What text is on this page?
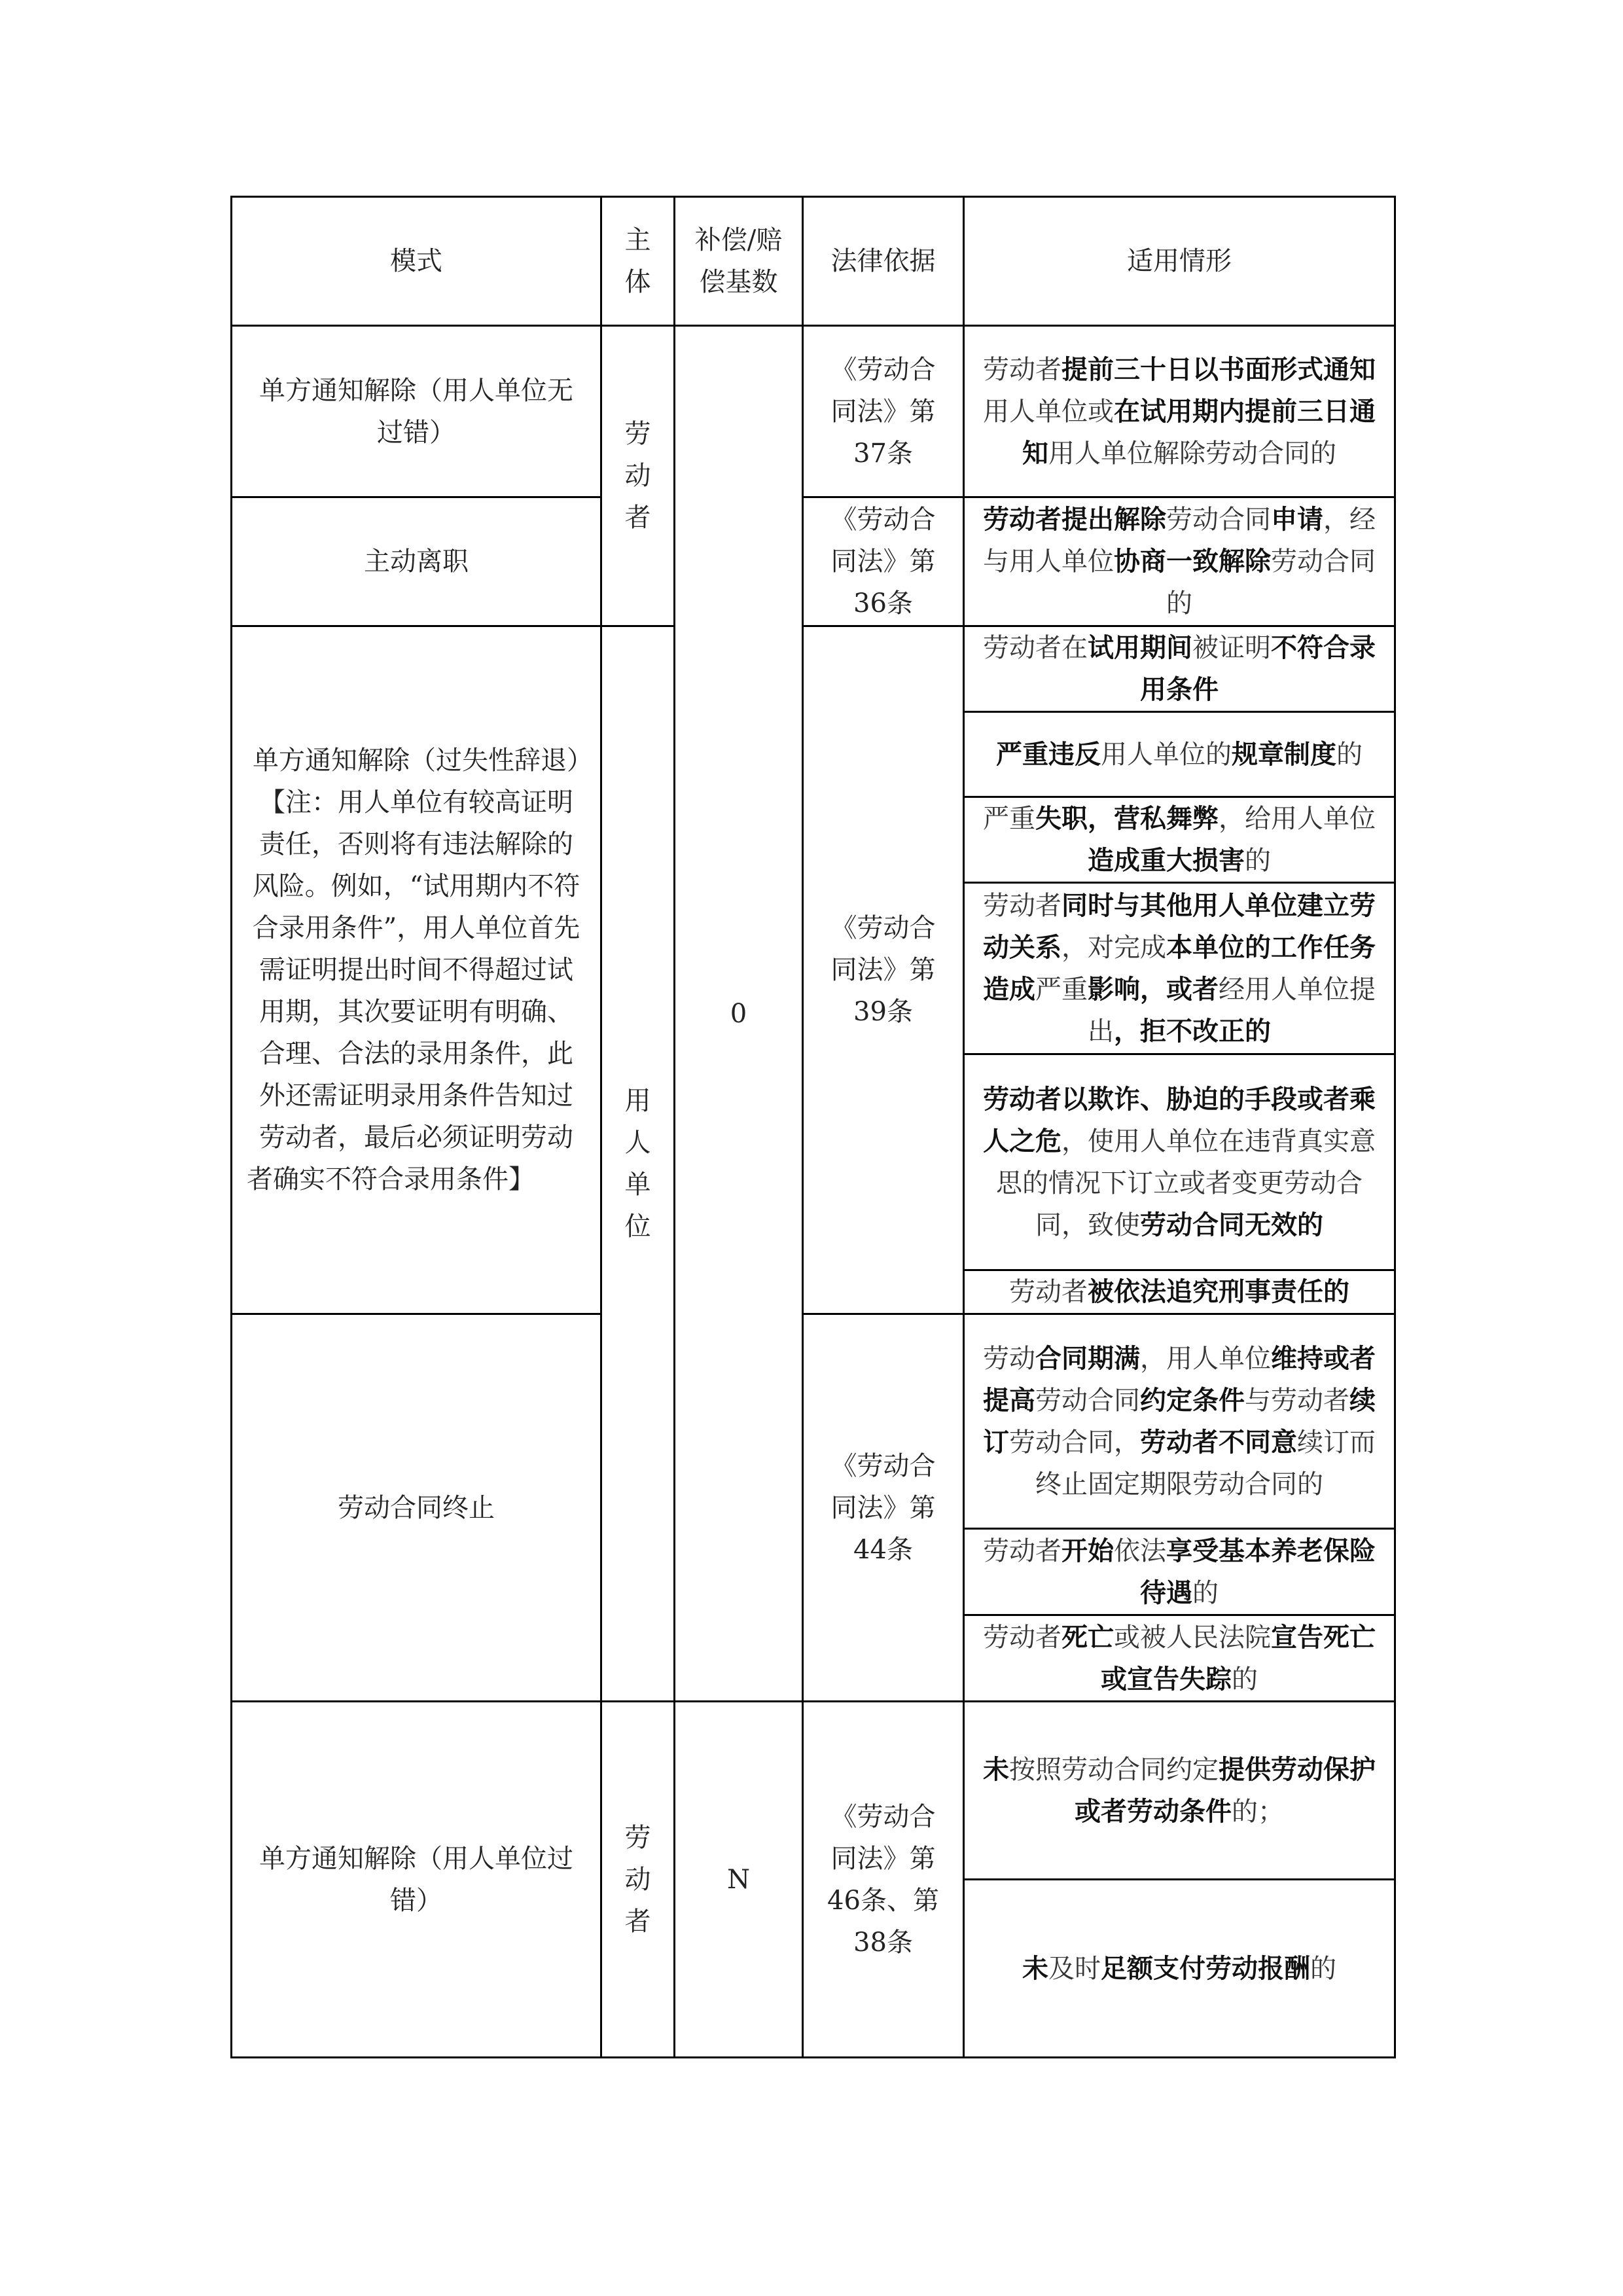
模式	主体	补偿/赔偿基数	法律依据	适用情形
单方通知解除（用人单位无过错）	劳动者	0	《劳动合同法》第37条	劳动者提前三十日以书面形式通知用人单位或在试用期内提前三日通知用人单位解除劳动合同的
主动离职			《劳动合同法》第36条	劳动者提出解除劳动合同申请，经与用人单位协商一致解除劳动合同的
单方通知解除（过失性辞退）【注：用人单位有较高证明责任，否则将有违法解除的风险。例如，“试用期内不符合录用条件”，用人单位首先需证明提出时间不得超过试用期，其次要证明有明确、合理、合法的录用条件，此外还需证明录用条件告知过劳动者，最后必须证明劳动者确实不符合录用条件】	用人单位		《劳动合同法》第39条	劳动者在试用期间被证明不符合录用条件
				严重违反用人单位的规章制度的
				严重失职，营私舞弊，给用人单位造成重大损害的
				劳动者同时与其他用人单位建立劳动关系，对完成本单位的工作任务造成严重影响，或者经用人单位提出，拒不改正的
				劳动者以欺诈、胁迫的手段或者乘人之危，使用人单位在违背真实意思的情况下订立或者变更劳动合同，致使劳动合同无效的
				劳动者被依法追究刑事责任的
劳动合同终止			《劳动合同法》第44条	劳动合同期满，用人单位维持或者提高劳动合同约定条件与劳动者续订劳动合同，劳动者不同意续订而终止固定期限劳动合同的
				劳动者开始依法享受基本养老保险待遇的
				劳动者死亡或被人民法院宣告死亡或宣告失踪的
单方通知解除（用人单位过错）	劳动者	N	《劳动合同法》第46条、第38条	未按照劳动合同约定提供劳动保护或者劳动条件的；
				未及时足额支付劳动报酬的
